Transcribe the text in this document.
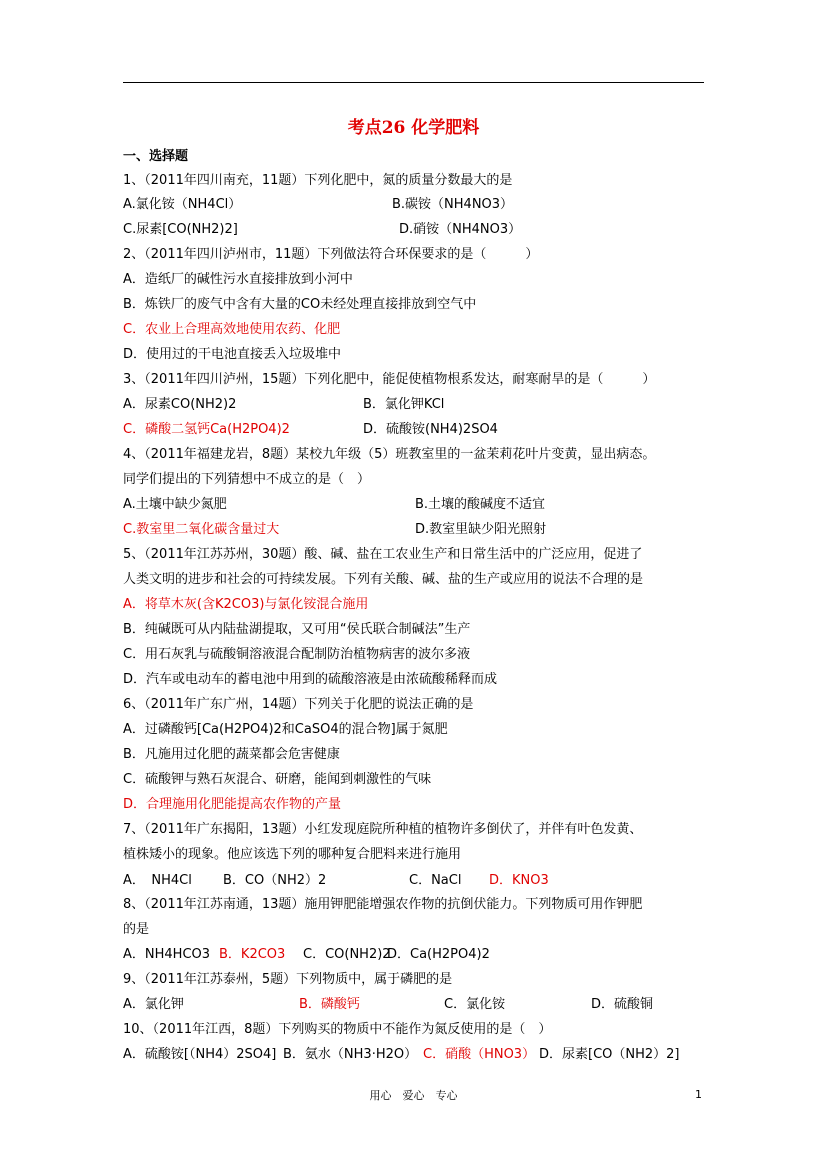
考点26 化学肥料
一、选择题
1、（2011年四川南充，11题）下列化肥中，氮的质量分数最大的是
A.氯化铵（NH4Cl）	B.碳铵（NH4NO3）
C.尿素[CO(NH2)2]	D.硝铵（NH4NO3）
2、（2011年四川泸州市，11题）下列做法符合环保要求的是（　　　）
A．造纸厂的碱性污水直接排放到小河中
B．炼铁厂的废气中含有大量的CO未经处理直接排放到空气中
C．农业上合理高效地使用农药、化肥
D．使用过的干电池直接丢入垃圾堆中
3、（2011年四川泸州，15题）下列化肥中，能促使植物根系发达，耐寒耐旱的是（　　　）
A．尿素CO(NH2)2	B．氯化钾KCl
C．磷酸二氢钙Ca(H2PO4)2	D．硫酸铵(NH4)2SO4
4、（2011年福建龙岩，8题）某校九年级（5）班教室里的一盆茉莉花叶片变黄，显出病态。
同学们提出的下列猜想中不成立的是（　）
A.土壤中缺少氮肥	B.土壤的酸碱度不适宜
C.教室里二氧化碳含量过大	D.教室里缺少阳光照射
5、（2011年江苏苏州，30题）酸、碱、盐在工农业生产和日常生活中的广泛应用，促进了
人类文明的进步和社会的可持续发展。下列有关酸、碱、盐的生产或应用的说法不合理的是
A．将草木灰(含K2CO3)与氯化铵混合施用
B．纯碱既可从内陆盐湖提取，又可用“侯氏联合制碱法”生产
C．用石灰乳与硫酸铜溶液混合配制防治植物病害的波尔多液
D．汽车或电动车的蓄电池中用到的硫酸溶液是由浓硫酸稀释而成
6、（2011年广东广州，14题）下列关于化肥的说法正确的是
A．过磷酸钙[Ca(H2PO4)2和CaSO4的混合物]属于氮肥
B．凡施用过化肥的蔬菜都会危害健康
C．硫酸钾与熟石灰混合、研磨，能闻到刺激性的气味
D．合理施用化肥能提高农作物的产量
7、（2011年广东揭阳，13题）小红发现庭院所种植的植物许多倒伏了，并伴有叶色发黄、
植株矮小的现象。他应该选下列的哪种复合肥料来进行施用
A．　NH4Cl B．CO（NH2）2	C．NaCl D．KNO3
8、（2011年江苏南通，13题）施用钾肥能增强农作物的抗倒伏能力。下列物质可用作钾肥
的是
A．NH4HCO3 B．K2CO3 C．CO(NH2)2
D．Ca(H2PO4)2
9、（2011年江苏泰州，5题）下列物质中，属于磷肥的是
A．氯化钾	B．磷酸钙	C．氯化铵	D．硫酸铜
10、（2011年江西，8题）下列购买的物质中不能作为氮反使用的是（　）
A．硫酸铵[（NH4）2SO4] B．氨水（NH3·H2O） C．硝酸（HNO3） D．尿素[CO（NH2）2]
用心　爱心　专心	1
